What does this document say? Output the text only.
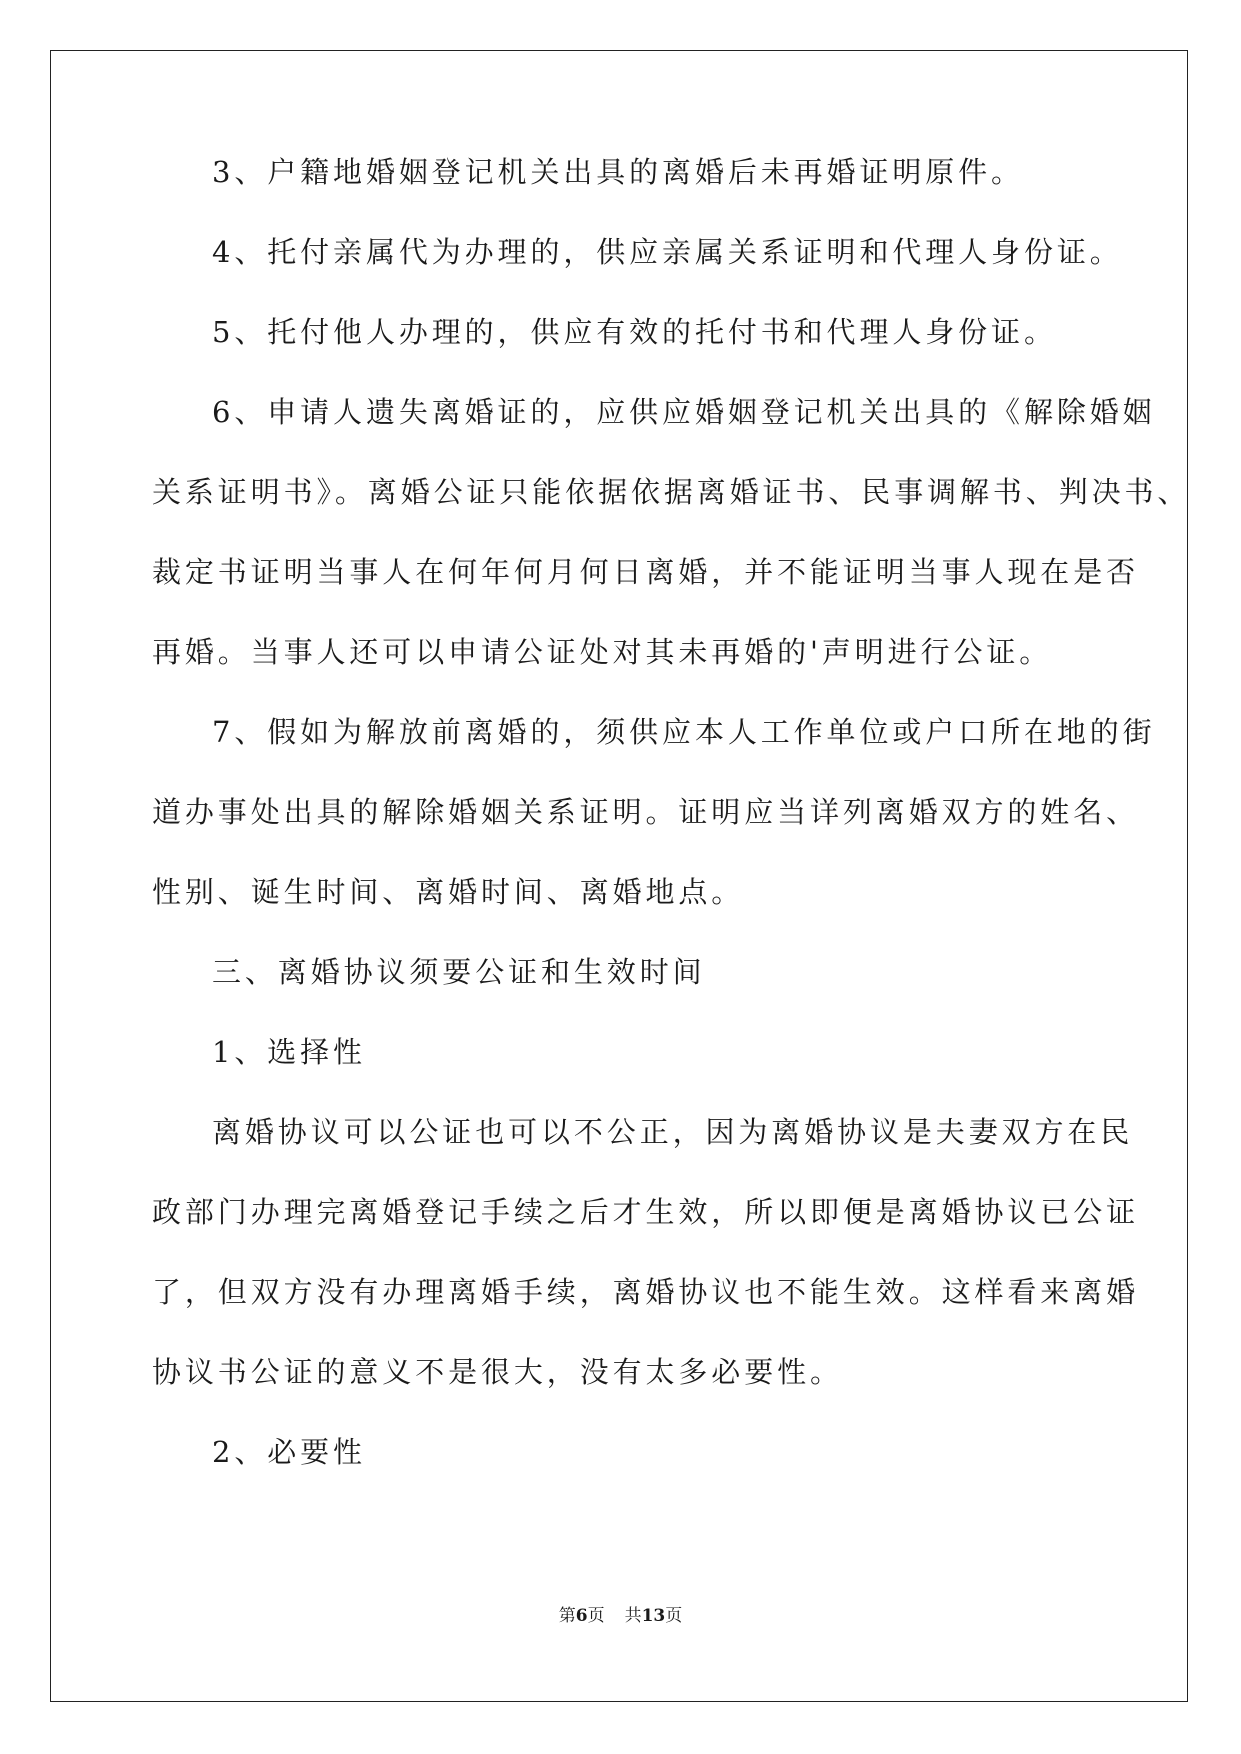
3、户籍地婚姻登记机关出具的离婚后未再婚证明原件。
4、托付亲属代为办理的，供应亲属关系证明和代理人身份证。
5、托付他人办理的，供应有效的托付书和代理人身份证。
6、申请人遗失离婚证的，应供应婚姻登记机关出具的《解除婚姻
关系证明书》。离婚公证只能依据依据离婚证书、民事调解书、判决书、
裁定书证明当事人在何年何月何日离婚，并不能证明当事人现在是否
再婚。当事人还可以申请公证处对其未再婚的'声明进行公证。
7、假如为解放前离婚的，须供应本人工作单位或户口所在地的街
道办事处出具的解除婚姻关系证明。证明应当详列离婚双方的姓名、
性别、诞生时间、离婚时间、离婚地点。
三、离婚协议须要公证和生效时间
1、选择性
离婚协议可以公证也可以不公正，因为离婚协议是夫妻双方在民
政部门办理完离婚登记手续之后才生效，所以即便是离婚协议已公证
了，但双方没有办理离婚手续，离婚协议也不能生效。这样看来离婚
协议书公证的意义不是很大，没有太多必要性。
2、必要性
第6页 共13页
